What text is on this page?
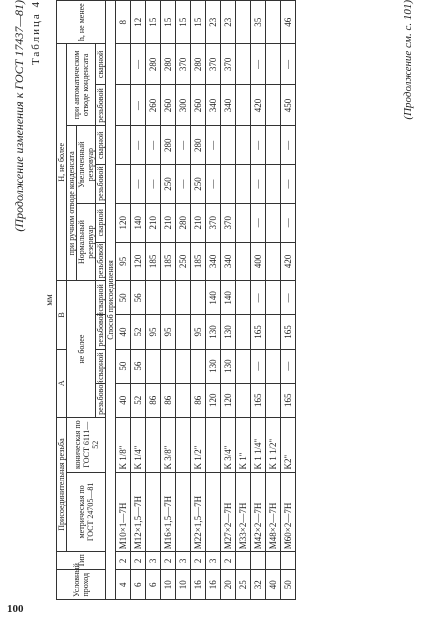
100
(Продолжение изменения к ГОСТ 17437—81) Таблица 4
мм
Условный проход	Тип	Присоединительная резьба		A		B		H, не более						h, не менее
		метрическая по ГОСТ 24705—81	коническая по ГОСТ 6111—52	не более				при ручном отводе конденсата				при автоматическом отводе конденсата		
								Нормальный резервуар		Увеличенный резервуар				
				резьбовой	сварной	резьбовой	сварной	резьбовой	сварной	резьбовой	сварной	резьбовой	сварной	
Способ присоединения														
4	2	M10×1—7H	K 1/8"	40	50	40	50	95	120					8
6	2	M12×1,5—7H	K 1/4"	52	56	52	56	120	140	—	—	—	—	12
6	3			86		95		185	210	—	—	260	280	15
10	2	M16×1,5—7H	K 3/8"	86		95		185	210	250	280	260	280	15
10	3							250	280	—	—	300	370	15
16	2	M22×1,5—7H	K 1/2"	86		95		185	210	250	280	260	280	15
16	3			120	130	130	140	340	370	—	—	340	370	23
20	2	M27×2—7H	K 3/4"	120	130	130	140	340	370			340	370	23
25		M33×2—7H	K 1"											
32		M42×2—7H	K 1 1/4"	165	—	165	—	400	—	—	—	420	—	35
40		M48×2—7H	K 1 1/2"											
50		M60×2—7H	K2"	165	—	165	—	420	—	—	—	450	—	46	(Продолжение см. с. 101)
